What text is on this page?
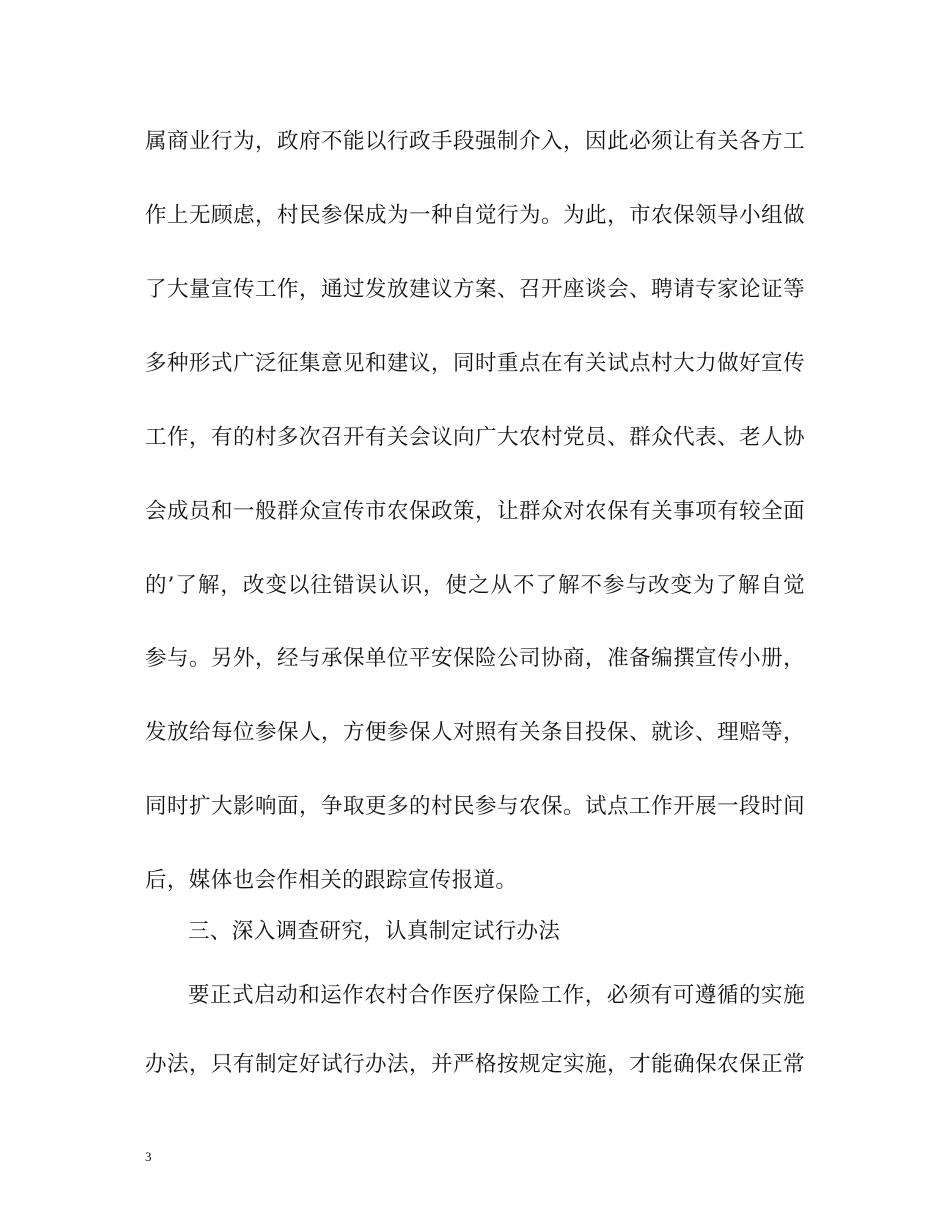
属商业行为，政府不能以行政手段强制介入，因此必须让有关各方工
作上无顾虑，村民参保成为一种自觉行为。为此，市农保领导小组做
了大量宣传工作，通过发放建议方案、召开座谈会、聘请专家论证等
多种形式广泛征集意见和建议，同时重点在有关试点村大力做好宣传
工作，有的村多次召开有关会议向广大农村党员、群众代表、老人协
会成员和一般群众宣传市农保政策，让群众对农保有关事项有较全面
的’了解，改变以往错误认识，使之从不了解不参与改变为了解自觉
参与。另外，经与承保单位平安保险公司协商，准备编撰宣传小册，
发放给每位参保人，方便参保人对照有关条目投保、就诊、理赔等，
同时扩大影响面，争取更多的村民参与农保。试点工作开展一段时间
后，媒体也会作相关的跟踪宣传报道。
三、深入调查研究，认真制定试行办法
要正式启动和运作农村合作医疗保险工作，必须有可遵循的实施
办法，只有制定好试行办法，并严格按规定实施，才能确保农保正常
3
